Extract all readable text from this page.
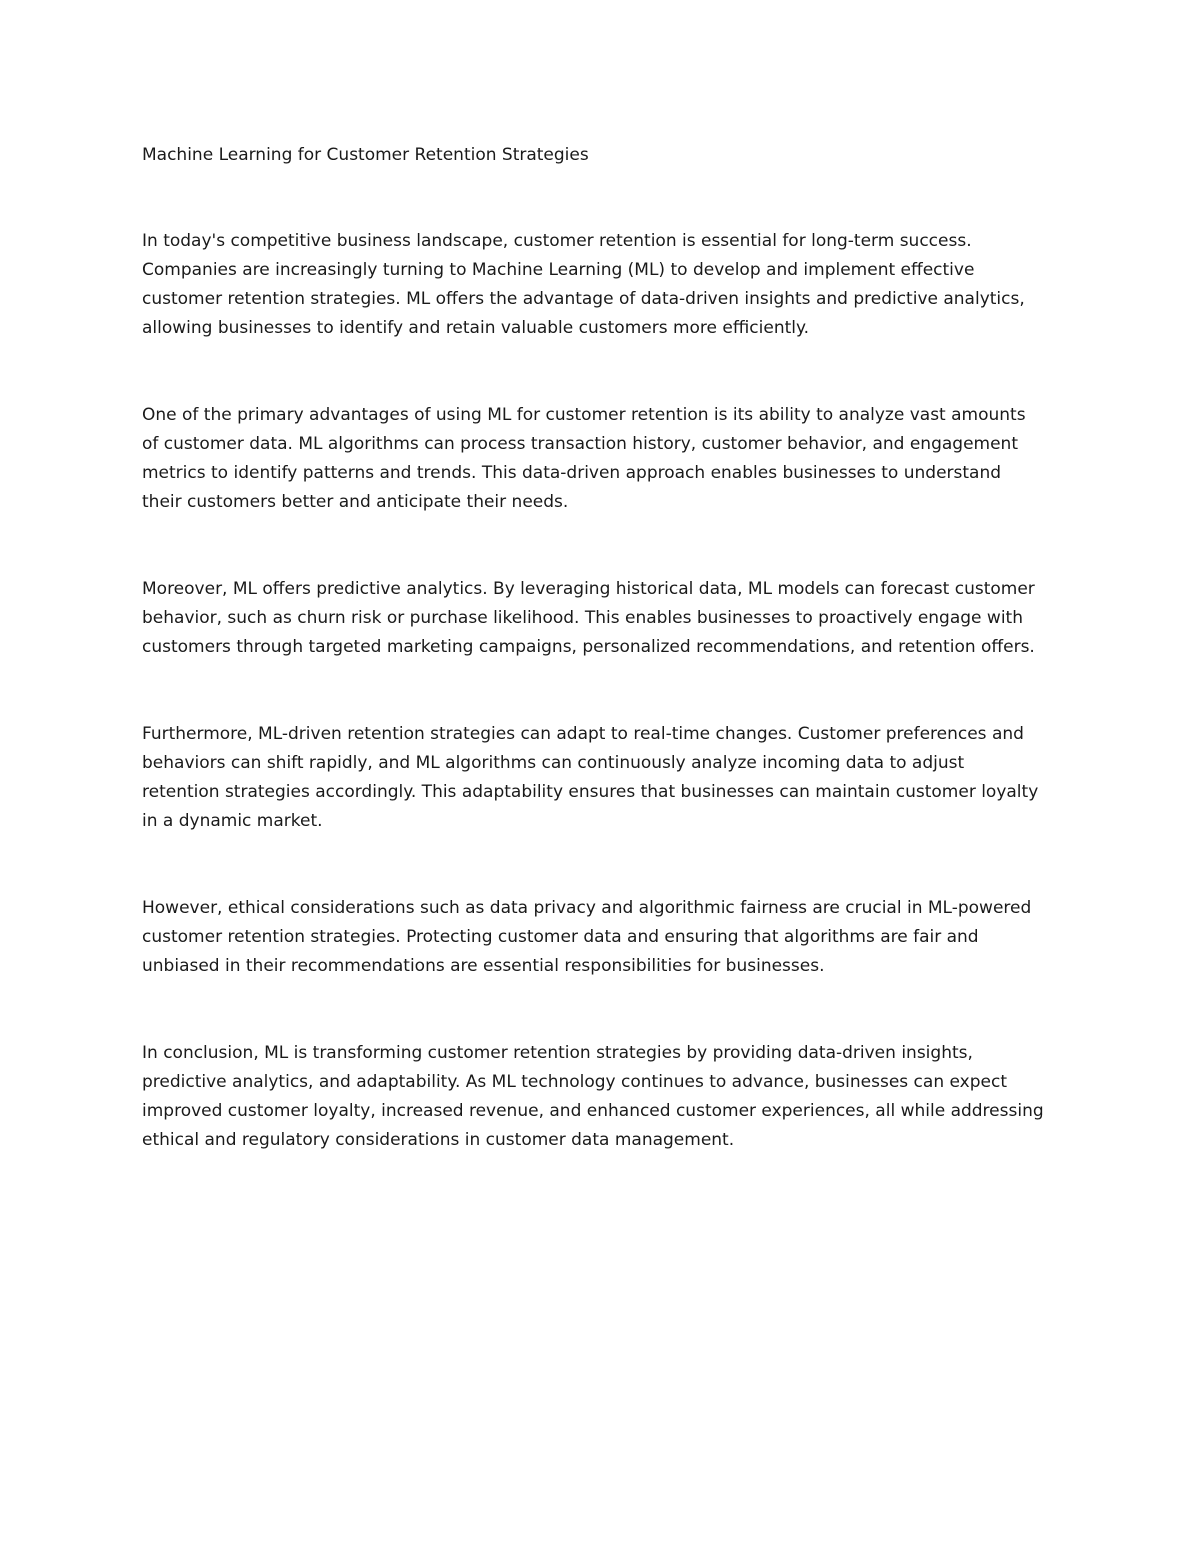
Machine Learning for Customer Retention Strategies

In today's competitive business landscape, customer retention is essential for long-term success.
Companies are increasingly turning to Machine Learning (ML) to develop and implement effective
customer retention strategies. ML offers the advantage of data-driven insights and predictive analytics,
allowing businesses to identify and retain valuable customers more efficiently.

One of the primary advantages of using ML for customer retention is its ability to analyze vast amounts
of customer data. ML algorithms can process transaction history, customer behavior, and engagement
metrics to identify patterns and trends. This data-driven approach enables businesses to understand
their customers better and anticipate their needs.

Moreover, ML offers predictive analytics. By leveraging historical data, ML models can forecast customer
behavior, such as churn risk or purchase likelihood. This enables businesses to proactively engage with
customers through targeted marketing campaigns, personalized recommendations, and retention offers.

Furthermore, ML-driven retention strategies can adapt to real-time changes. Customer preferences and
behaviors can shift rapidly, and ML algorithms can continuously analyze incoming data to adjust
retention strategies accordingly. This adaptability ensures that businesses can maintain customer loyalty
in a dynamic market.

However, ethical considerations such as data privacy and algorithmic fairness are crucial in ML-powered
customer retention strategies. Protecting customer data and ensuring that algorithms are fair and
unbiased in their recommendations are essential responsibilities for businesses.

In conclusion, ML is transforming customer retention strategies by providing data-driven insights,
predictive analytics, and adaptability. As ML technology continues to advance, businesses can expect
improved customer loyalty, increased revenue, and enhanced customer experiences, all while addressing
ethical and regulatory considerations in customer data management.
